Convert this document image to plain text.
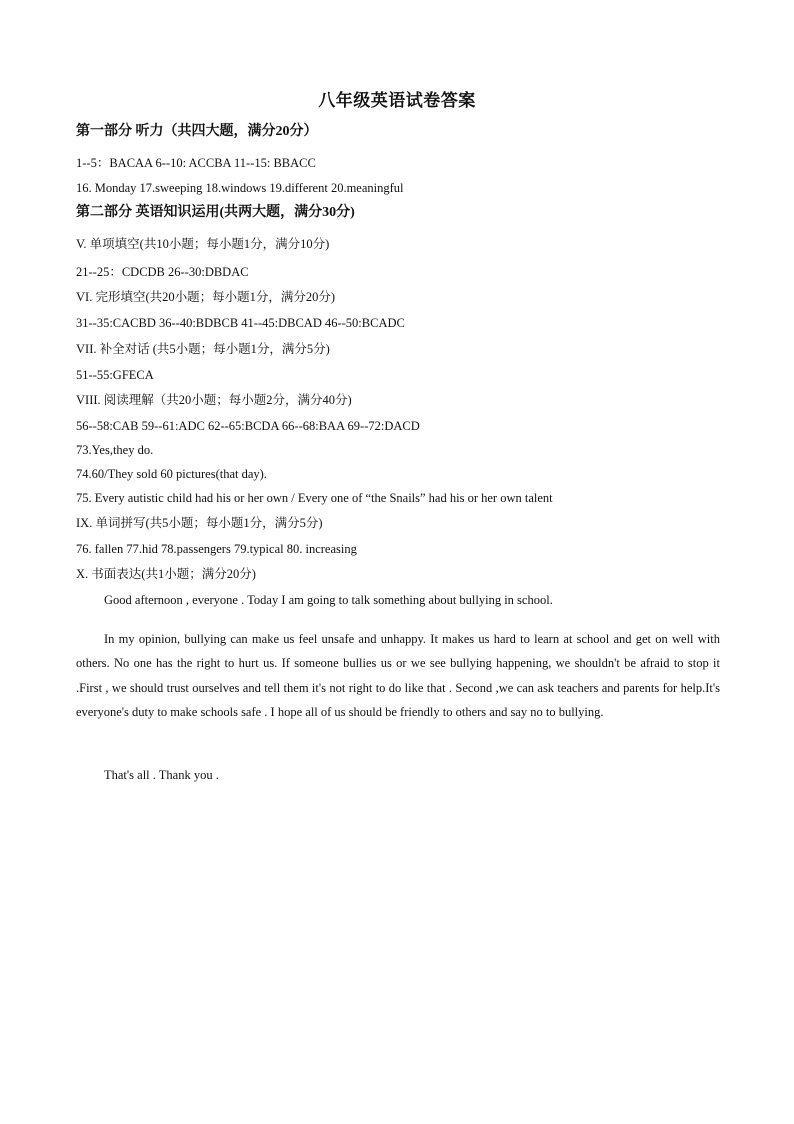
八年级英语试卷答案
第一部分 听力（共四大题，满分20分）
1--5：BACAA 6--10: ACCBA 11--15: BBACC
16. Monday 17.sweeping 18.windows 19.different 20.meaningful
第二部分 英语知识运用(共两大题，满分30分)
V. 单项填空(共10小题；每小题1分，满分10分)
21--25：CDCDB 26--30:DBDAC
VI. 完形填空(共20小题；每小题1分，满分20分)
31--35:CACBD 36--40:BDBCB 41--45:DBCAD 46--50:BCADC
VII. 补全对话 (共5小题；每小题1分，满分5分)
51--55:GFECA
VIII. 阅读理解（共20小题；每小题2分，满分40分)
56--58:CAB 59--61:ADC 62--65:BCDA 66--68:BAA 69--72:DACD
73.Yes,they do.
74.60/They sold 60 pictures(that day).
75. Every autistic child had his or her own / Every one of “the Snails” had his or her own talent
IX. 单词拼写(共5小题；每小题1分，满分5分)
76. fallen 77.hid 78.passengers 79.typical 80. increasing
X. 书面表达(共1小题；满分20分)
Good afternoon , everyone . Today I am going to talk something about bullying in school.
In my opinion, bullying can make us feel unsafe and unhappy. It makes us hard to learn at school and get on well with others. No one has the right to hurt us. If someone bullies us or we see bullying happening, we shouldn't be afraid to stop it .First , we should trust ourselves and tell them it's not right to do like that . Second ,we can ask teachers and parents for help.It's everyone's duty to make schools safe . I hope all of us should be friendly to others and say no to bullying.
That's all . Thank you .
